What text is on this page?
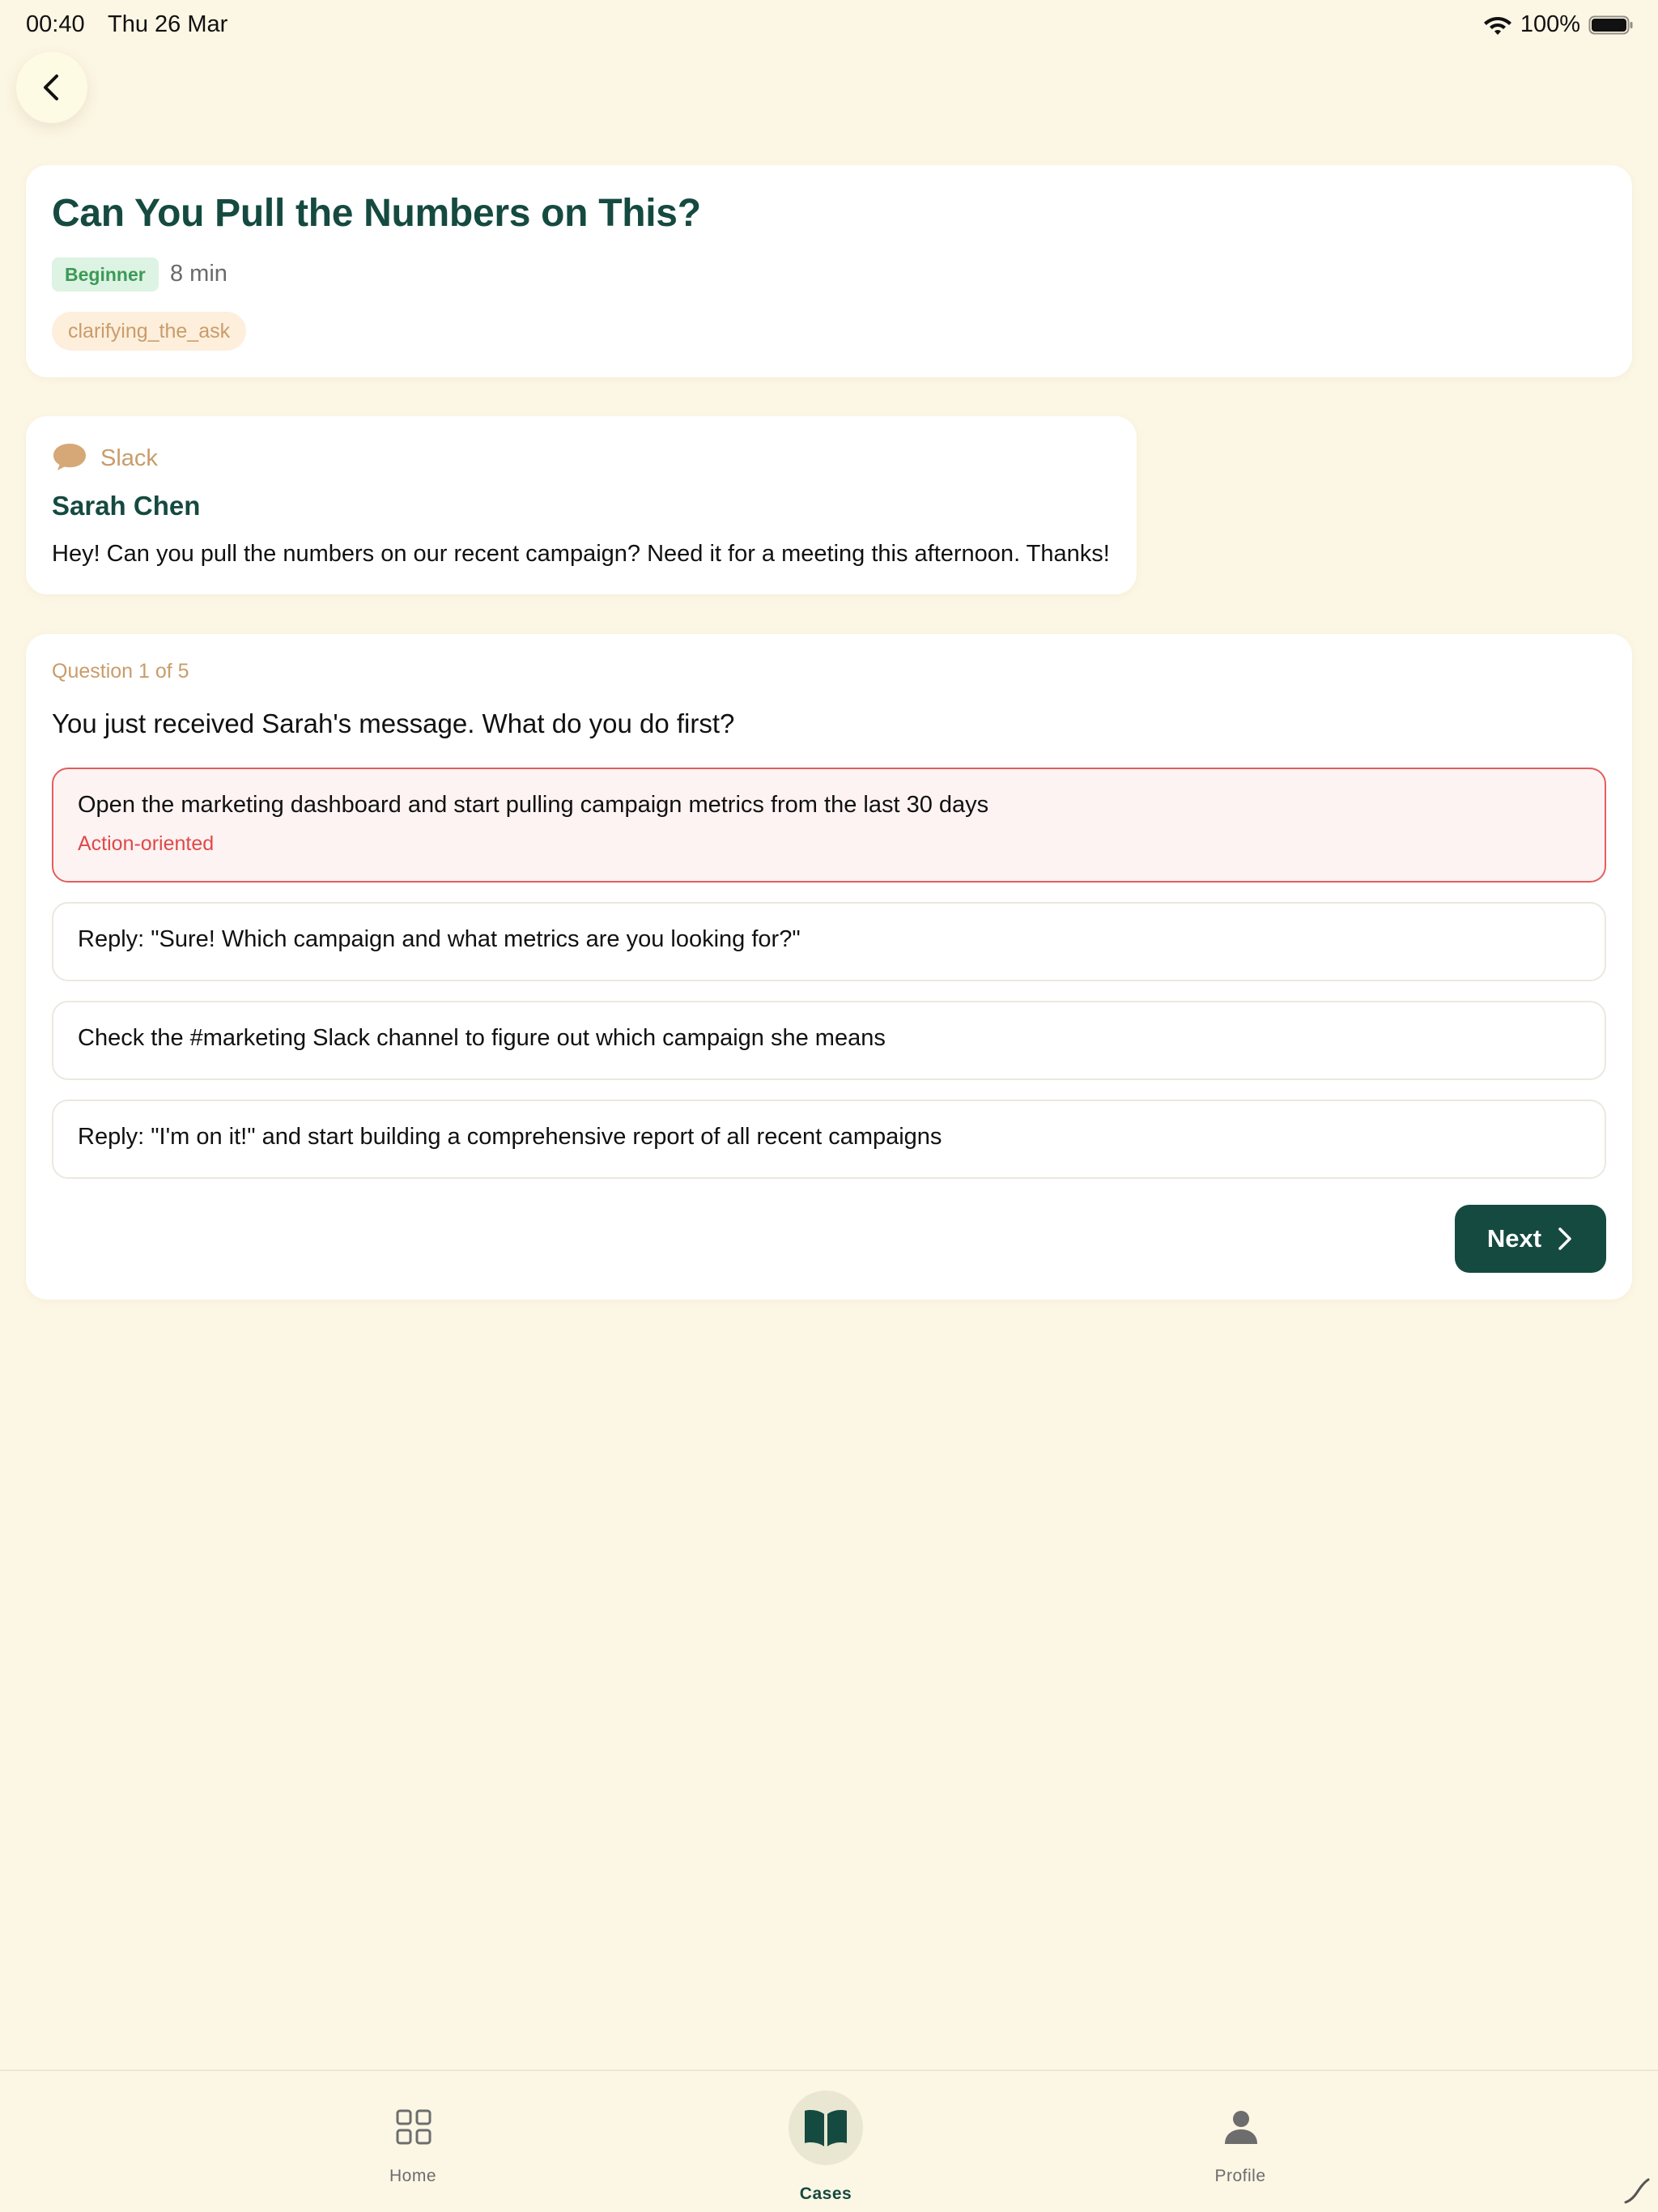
00:40 Thu 26 Mar	100%
Can You Pull the Numbers on This?
Beginner	8 min
clarifying_the_ask
Slack
Sarah Chen
Hey! Can you pull the numbers on our recent campaign? Need it for a meeting this afternoon. Thanks!
Question 1 of 5
You just received Sarah's message. What do you do first?
Open the marketing dashboard and start pulling campaign metrics from the last 30 days
Action-oriented
Reply: "Sure! Which campaign and what metrics are you looking for?"
Check the #marketing Slack channel to figure out which campaign she means
Reply: "I'm on it!" and start building a comprehensive report of all recent campaigns
Next
Home
Cases
Profile
